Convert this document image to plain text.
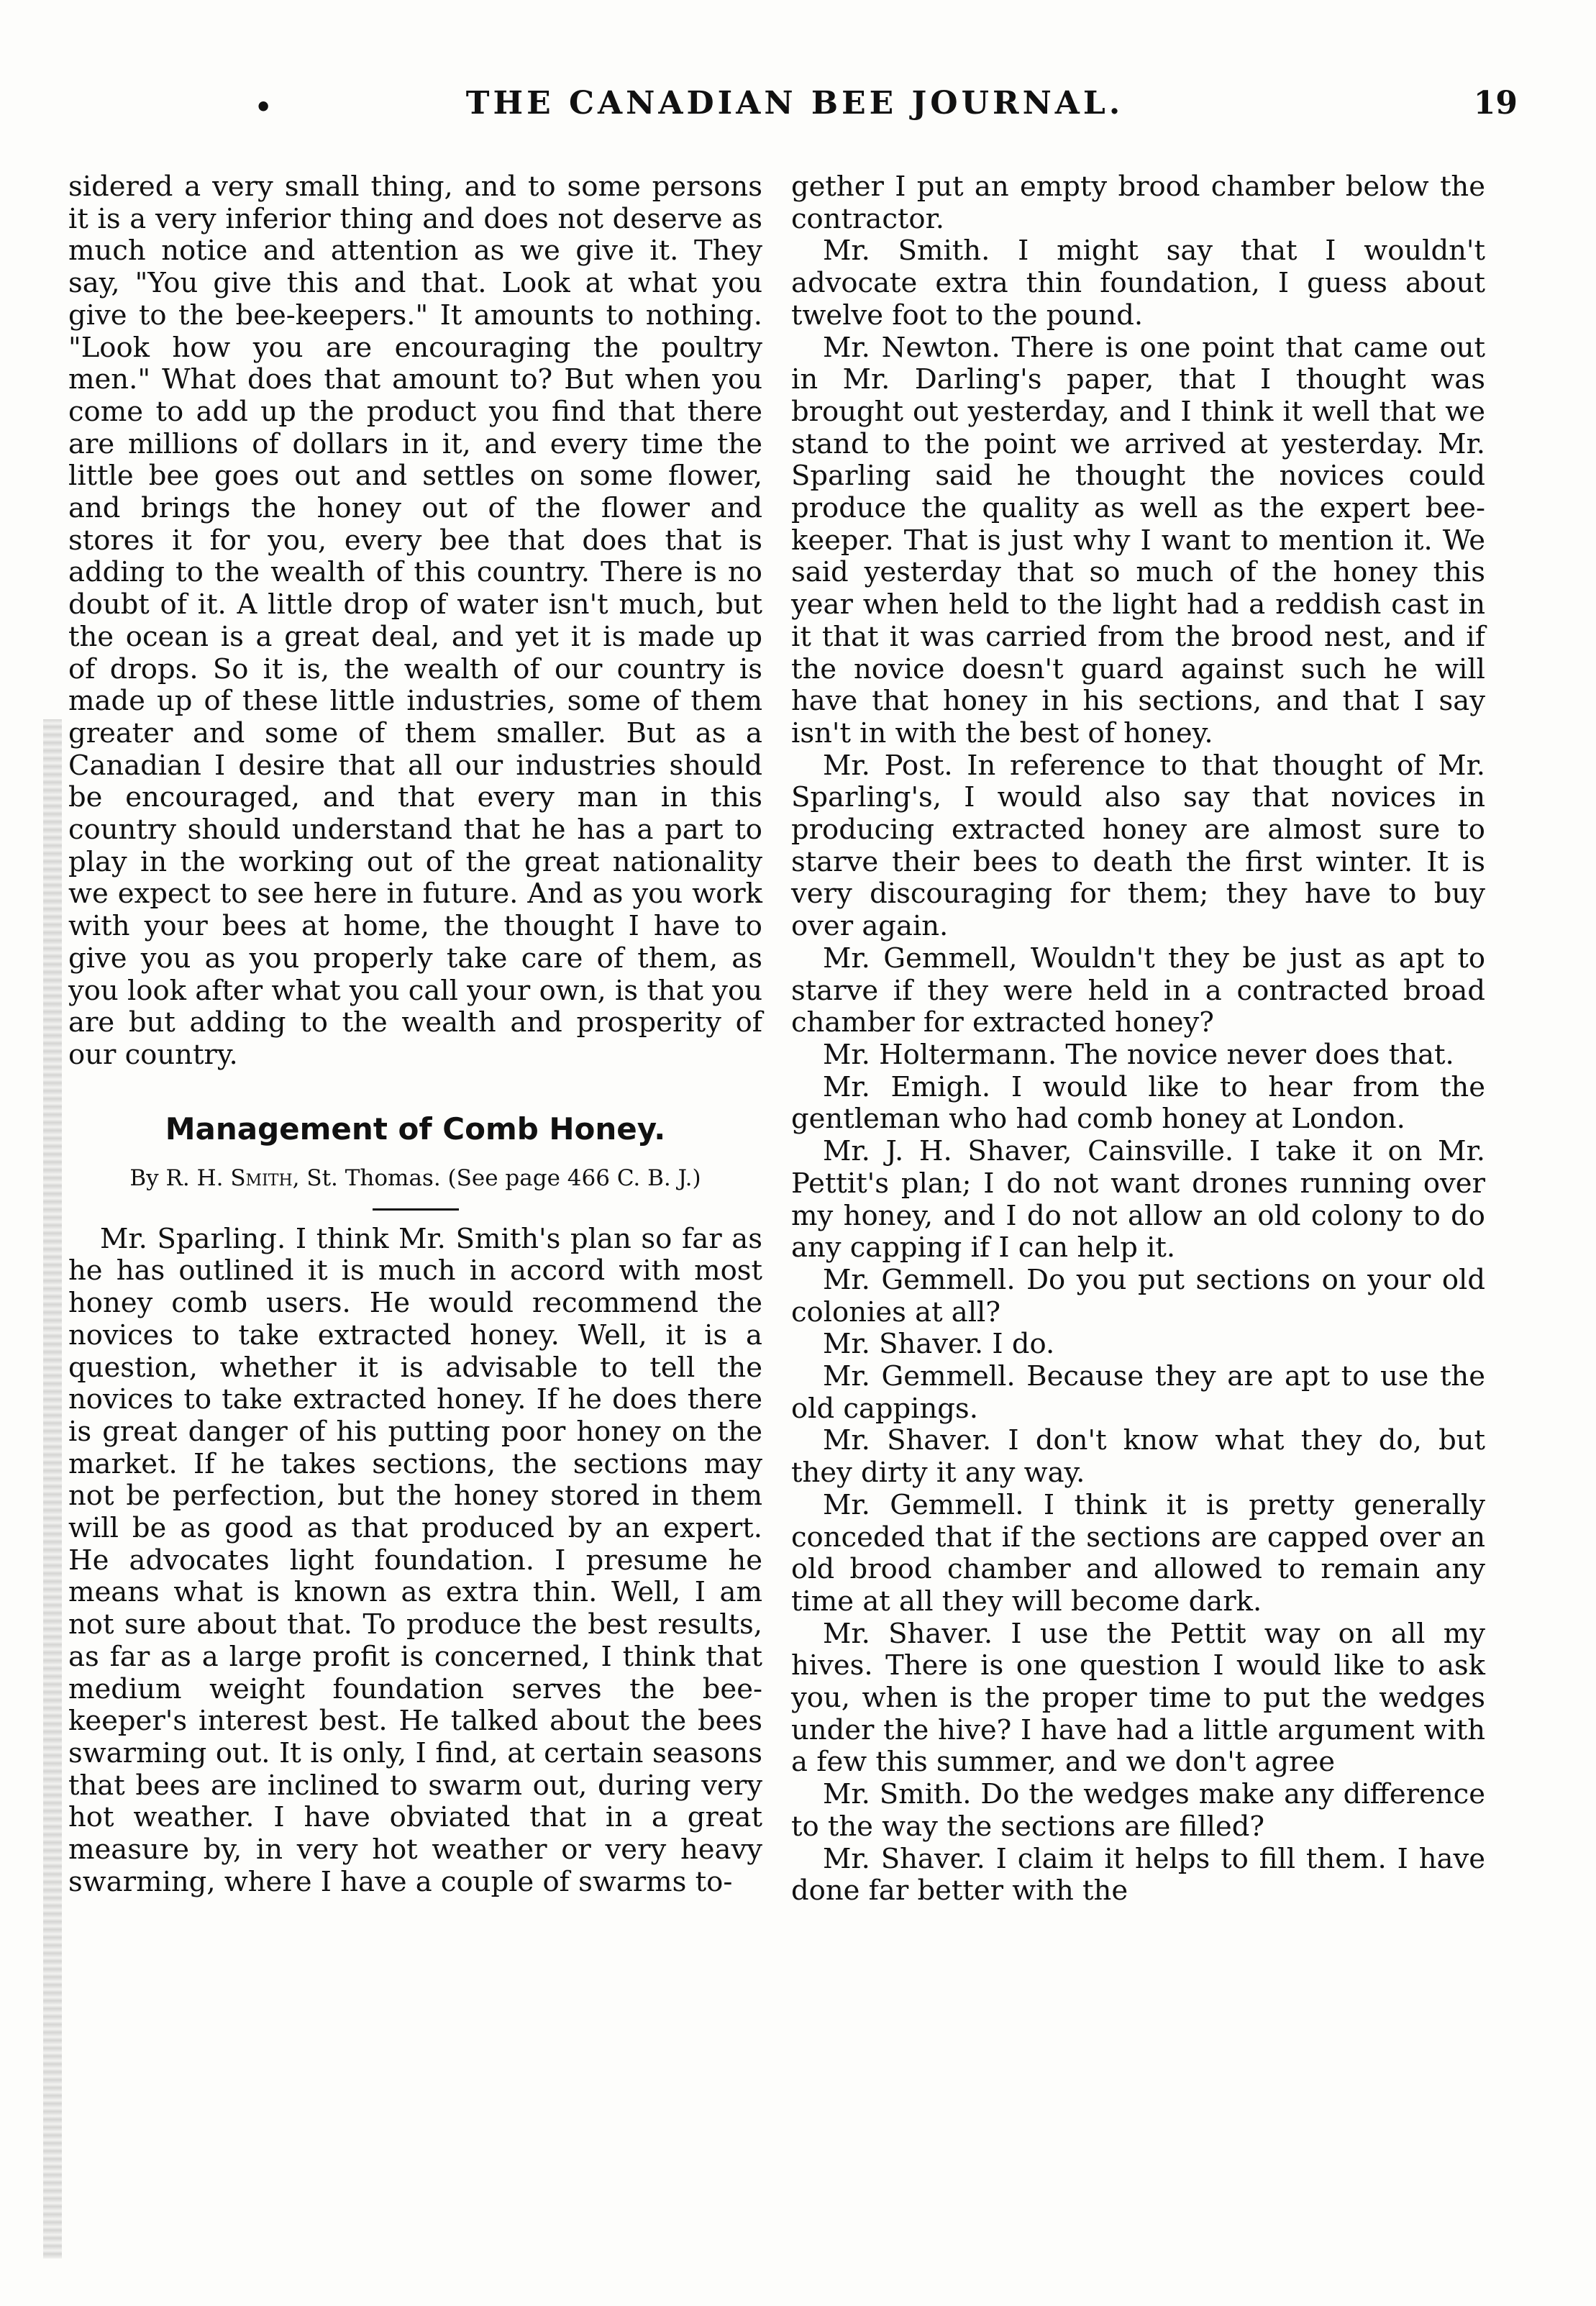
•	THE CANADIAN BEE JOURNAL.	19

sidered a very small thing, and to some persons it is a very inferior thing and does not deserve as much notice and attention as we give it. They say, "You give this and that. Look at what you give to the bee-keepers." It amounts to nothing. "Look how you are encouraging the poultry men." What does that amount to? But when you come to add up the product you find that there are millions of dollars in it, and every time the little bee goes out and settles on some flower, and brings the honey out of the flower and stores it for you, every bee that does that is adding to the wealth of this country. There is no doubt of it. A little drop of water isn't much, but the ocean is a great deal, and yet it is made up of drops. So it is, the wealth of our country is made up of these little industries, some of them greater and some of them smaller. But as a Canadian I desire that all our industries should be encouraged, and that every man in this country should understand that he has a part to play in the working out of the great nationality we expect to see here in future. And as you work with your bees at home, the thought I have to give you as you properly take care of them, as you look after what you call your own, is that you are but adding to the wealth and prosperity of our country.

Management of Comb Honey.

By R. H. Smith, St. Thomas. (See page 466 C. B. J.)

Mr. Sparling. I think Mr. Smith's plan so far as he has outlined it is much in accord with most honey comb users. He would recommend the novices to take extracted honey. Well, it is a question, whether it is advisable to tell the novices to take extracted honey. If he does there is great danger of his putting poor honey on the market. If he takes sections, the sections may not be perfection, but the honey stored in them will be as good as that produced by an expert. He advocates light foundation. I presume he means what is known as extra thin. Well, I am not sure about that. To produce the best results, as far as a large profit is concerned, I think that medium weight foundation serves the bee-keeper's interest best. He talked about the bees swarming out. It is only, I find, at certain seasons that bees are inclined to swarm out, during very hot weather. I have obviated that in a great measure by, in very hot weather or very heavy swarming, where I have a couple of swarms to-

gether I put an empty brood chamber below the contractor.

Mr. Smith. I might say that I wouldn't advocate extra thin foundation, I guess about twelve foot to the pound.

Mr. Newton. There is one point that came out in Mr. Darling's paper, that I thought was brought out yesterday, and I think it well that we stand to the point we arrived at yesterday. Mr. Sparling said he thought the novices could produce the quality as well as the expert bee-keeper. That is just why I want to mention it. We said yesterday that so much of the honey this year when held to the light had a reddish cast in it that it was carried from the brood nest, and if the novice doesn't guard against such he will have that honey in his sections, and that I say isn't in with the best of honey.

Mr. Post. In reference to that thought of Mr. Sparling's, I would also say that novices in producing extracted honey are almost sure to starve their bees to death the first winter. It is very discouraging for them; they have to buy over again.

Mr. Gemmell, Wouldn't they be just as apt to starve if they were held in a contracted broad chamber for extracted honey?

Mr. Holtermann. The novice never does that.

Mr. Emigh. I would like to hear from the gentleman who had comb honey at London.

Mr. J. H. Shaver, Cainsville. I take it on Mr. Pettit's plan; I do not want drones running over my honey, and I do not allow an old colony to do any capping if I can help it.

Mr. Gemmell. Do you put sections on your old colonies at all?

Mr. Shaver. I do.

Mr. Gemmell. Because they are apt to use the old cappings.

Mr. Shaver. I don't know what they do, but they dirty it any way.

Mr. Gemmell. I think it is pretty generally conceded that if the sections are capped over an old brood chamber and allowed to remain any time at all they will become dark.

Mr. Shaver. I use the Pettit way on all my hives. There is one question I would like to ask you, when is the proper time to put the wedges under the hive? I have had a little argument with a few this summer, and we don't agree

Mr. Smith. Do the wedges make any difference to the way the sections are filled?

Mr. Shaver. I claim it helps to fill them. I have done far better with the
